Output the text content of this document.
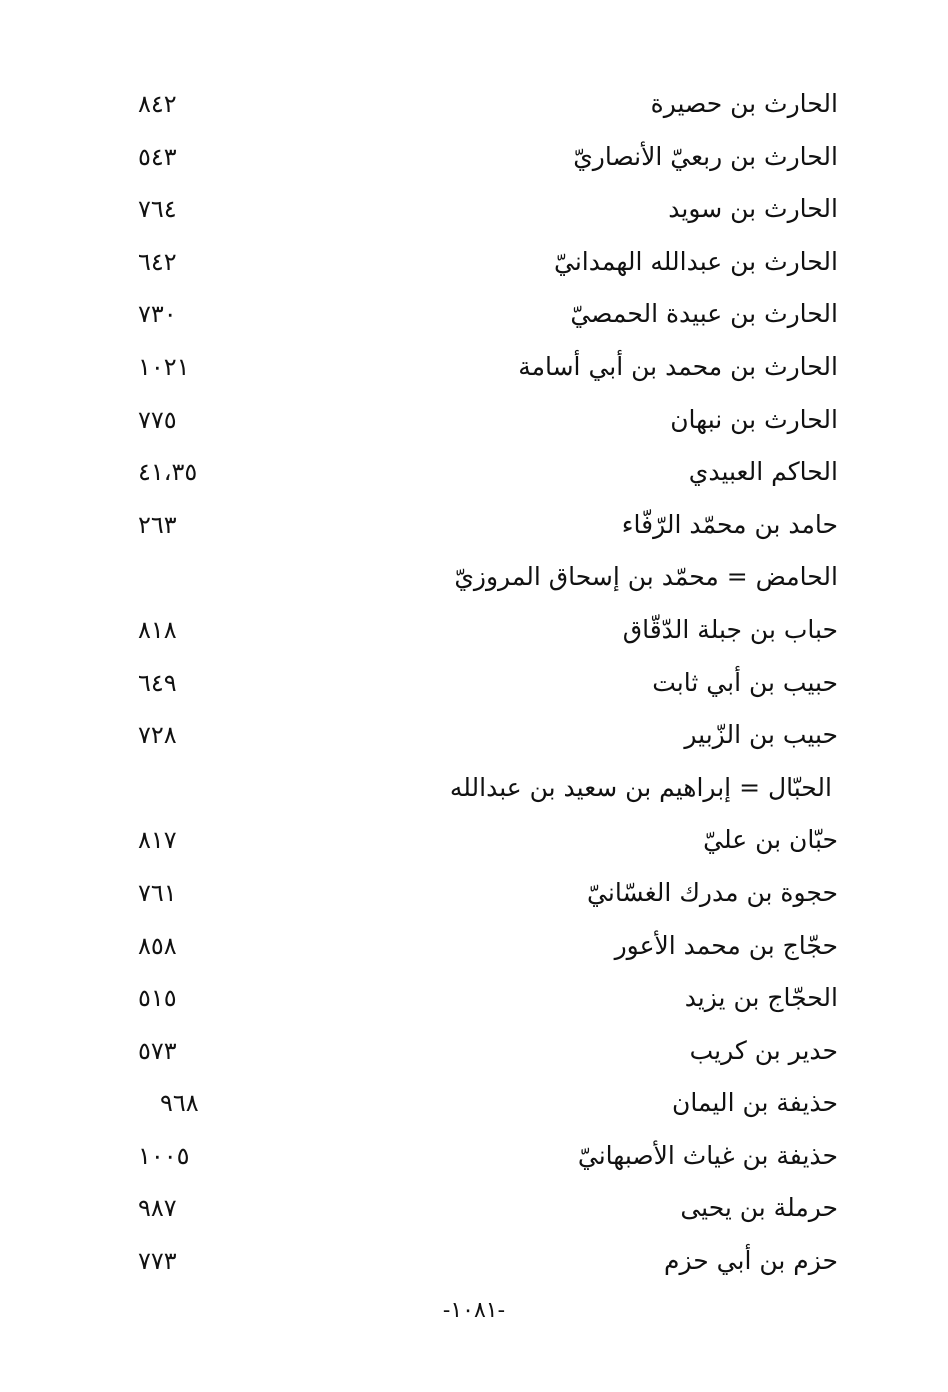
الحارث بن حصيرة
٨٤٢
الحارث بن ربعيّ الأنصاريّ
٥٤٣
الحارث بن سويد
٧٦٤
الحارث بن عبدالله الهمدانيّ
٦٤٢
الحارث بن عبيدة الحمصيّ
٧٣٠
الحارث بن محمد بن أبي أسامة
١٠٢١
الحارث بن نبهان
٧٧٥
الحاكم العبيدي
٤١،٣٥
حامد بن محمّد الرّفّاء
٢٦٣
الحامض = محمّد بن إسحاق المروزيّ
حباب بن جبلة الدّقّاق
٨١٨
حبيب بن أبي ثابت
٦٤٩
حبيب بن الزّبير
٧٢٨
الحبّال = إبراهيم بن سعيد بن عبدالله
حبّان بن عليّ
٨١٧
حجوة بن مدرك الغسّانيّ
٧٦١
حجّاج بن محمد الأعور
٨٥٨
الحجّاج بن يزيد
٥١٥
حدير بن كريب
٥٧٣
حذيفة بن اليمان
٩٦٨
حذيفة بن غياث الأصبهانيّ
١٠٠٥
حرملة بن يحيى
٩٨٧
حزم بن أبي حزم
٧٧٣
-١٠٨١-
